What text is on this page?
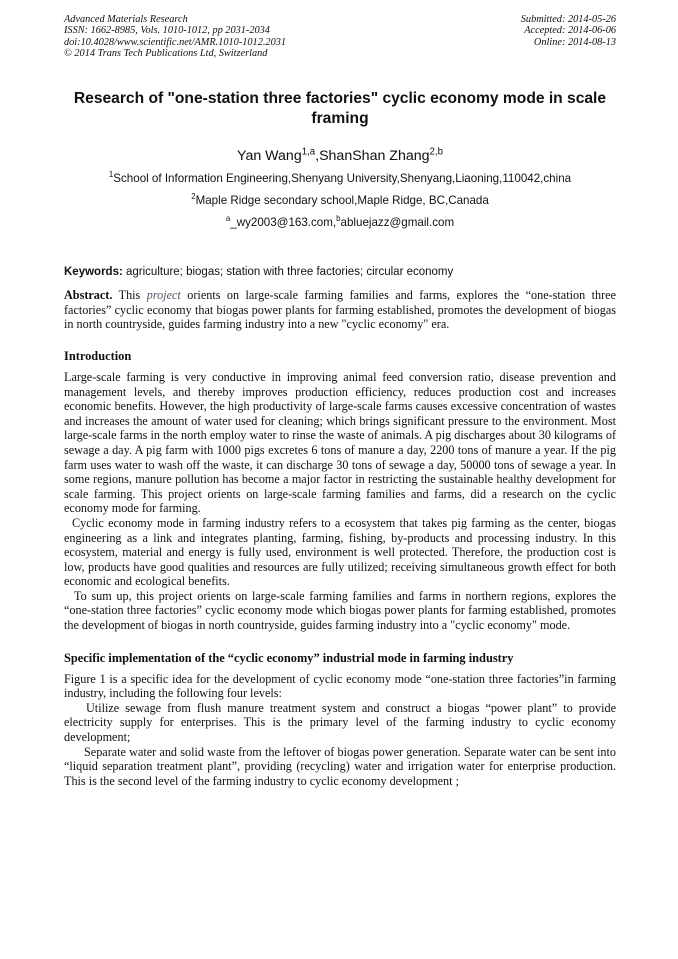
Advanced Materials Research
ISSN: 1662-8985, Vols. 1010-1012, pp 2031-2034
doi:10.4028/www.scientific.net/AMR.1010-1012.2031
© 2014 Trans Tech Publications Ltd, Switzerland
Submitted: 2014-05-26
Accepted: 2014-06-06
Online: 2014-08-13
Research of "one-station three factories" cyclic economy mode in scale framing
Yan Wang$^{1,a}$,ShanShan Zhang$^{2,b}$
$^1$School of Information Engineering,Shenyang University,Shenyang,Liaoning,110042,china
$^2$Maple Ridge secondary school,Maple Ridge, BC,Canada
$^a$_wy2003@163.com,$^b$abluejazz@gmail.com
Keywords: agriculture; biogas; station with three factories; circular economy
Abstract. This project orients on large-scale farming families and farms, explores the “one-station three factories” cyclic economy that biogas power plants for farming established, promotes the development of biogas in north countryside, guides farming industry into a new "cyclic economy" era.
Introduction

Large-scale farming is very conductive in improving animal feed conversion ratio, disease prevention and management levels, and thereby improves production efficiency, reduces production cost and increases economic benefits. However, the high productivity of large-scale farms causes excessive concentration of wastes and increases the amount of water used for cleaning; which brings significant pressure to the environment. Most large-scale farms in the north employ water to rinse the waste of animals. A pig discharges about 30 kilograms of sewage a day. A pig farm with 1000 pigs excretes 6 tons of manure a day, 2200 tons of manure a year. If the pig farm uses water to wash off the waste, it can discharge 30 tons of sewage a day, 50000 tons of sewage a year. In some regions, manure pollution has become a major factor in restricting the sustainable healthy development for scale farming. This project orients on large-scale farming families and farms, did a research on the cyclic economy mode for farming.

Cyclic economy mode in farming industry refers to a ecosystem that takes pig farming as the center, biogas engineering as a link and integrates planting, farming, fishing, by-products and processing industry. In this ecosystem, material and energy is fully used, environment is well protected. Therefore, the production cost is low, products have good qualities and resources are fully utilized; receiving simultaneous growth effect for both economic and ecological benefits.

To sum up, this project orients on large-scale farming families and farms in northern regions, explores the “one-station three factories” cyclic economy mode which biogas power plants for farming established, promotes the development of biogas in north countryside, guides farming industry into a "cyclic economy" mode.

Specific implementation of the “cyclic economy” industrial mode in farming industry

Figure 1 is a specific idea for the development of cyclic economy mode “one-station three factories”in farming industry, including the following four levels:

Utilize sewage from flush manure treatment system and construct a biogas “power plant” to provide electricity supply for enterprises. This is the primary level of the farming industry to cyclic economy development;

Separate water and solid waste from the leftover of biogas power generation. Separate water can be sent into “liquid separation treatment plant”, providing (recycling) water and irrigation water for enterprise production. This is the second level of the farming industry to cyclic economy development ;
